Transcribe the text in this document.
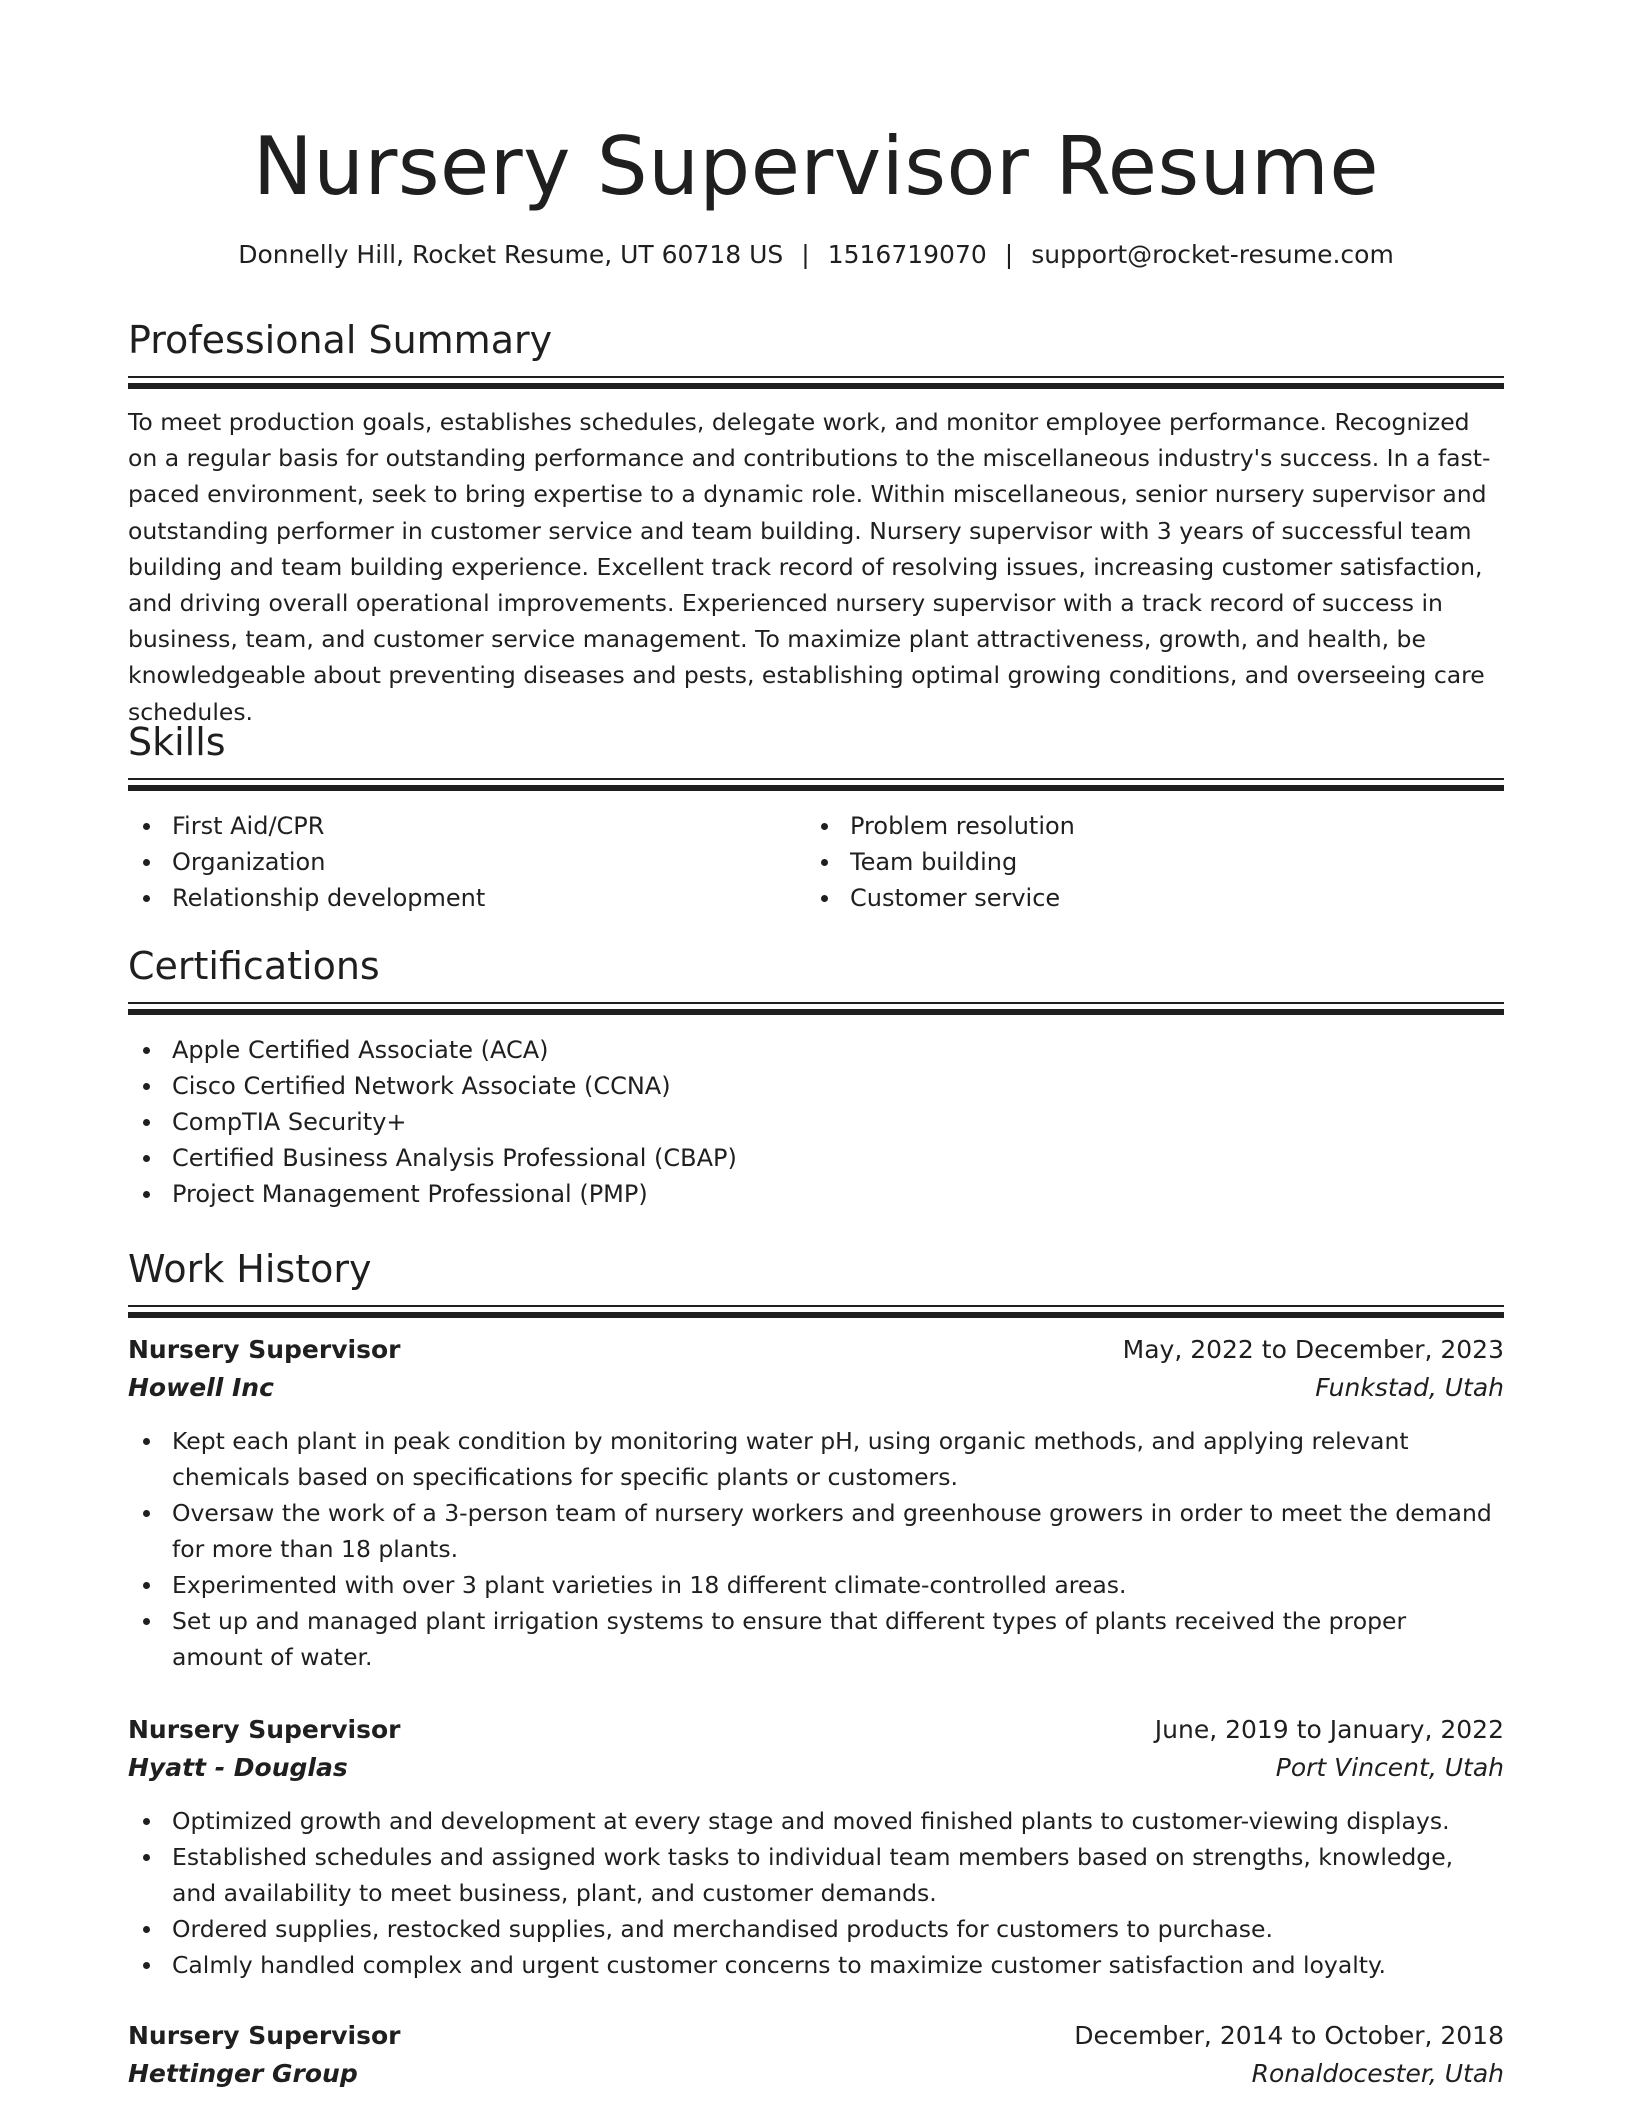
Nursery Supervisor Resume
Donnelly Hill, Rocket Resume, UT 60718 US | 1516719070 | support@rocket-resume.com
Professional Summary

To meet production goals, establishes schedules, delegate work, and monitor employee performance. Recognized on a regular basis for outstanding performance and contributions to the miscellaneous industry's success. In a fast-paced environment, seek to bring expertise to a dynamic role. Within miscellaneous, senior nursery supervisor and outstanding performer in customer service and team building. Nursery supervisor with 3 years of successful team building and team building experience. Excellent track record of resolving issues, increasing customer satisfaction, and driving overall operational improvements. Experienced nursery supervisor with a track record of success in business, team, and customer service management. To maximize plant attractiveness, growth, and health, be knowledgeable about preventing diseases and pests, establishing optimal growing conditions, and overseeing care schedules.

Skills
First Aid/CPR
Organization
Relationship development
Problem resolution
Team building
Customer service
Certifications
Apple Certified Associate (ACA)
Cisco Certified Network Associate (CCNA)
CompTIA Security+
Certified Business Analysis Professional (CBAP)
Project Management Professional (PMP)
Work History
Nursery Supervisor	May, 2022 to December, 2023
Howell Inc	Funkstad, Utah
Kept each plant in peak condition by monitoring water pH, using organic methods, and applying relevant chemicals based on specifications for specific plants or customers.
Oversaw the work of a 3-person team of nursery workers and greenhouse growers in order to meet the demand for more than 18 plants.
Experimented with over 3 plant varieties in 18 different climate-controlled areas.
Set up and managed plant irrigation systems to ensure that different types of plants received the proper amount of water.
Nursery Supervisor	June, 2019 to January, 2022
Hyatt - Douglas	Port Vincent, Utah
Optimized growth and development at every stage and moved finished plants to customer-viewing displays.
Established schedules and assigned work tasks to individual team members based on strengths, knowledge, and availability to meet business, plant, and customer demands.
Ordered supplies, restocked supplies, and merchandised products for customers to purchase.
Calmly handled complex and urgent customer concerns to maximize customer satisfaction and loyalty.
Nursery Supervisor	December, 2014 to October, 2018
Hettinger Group	Ronaldocester, Utah
